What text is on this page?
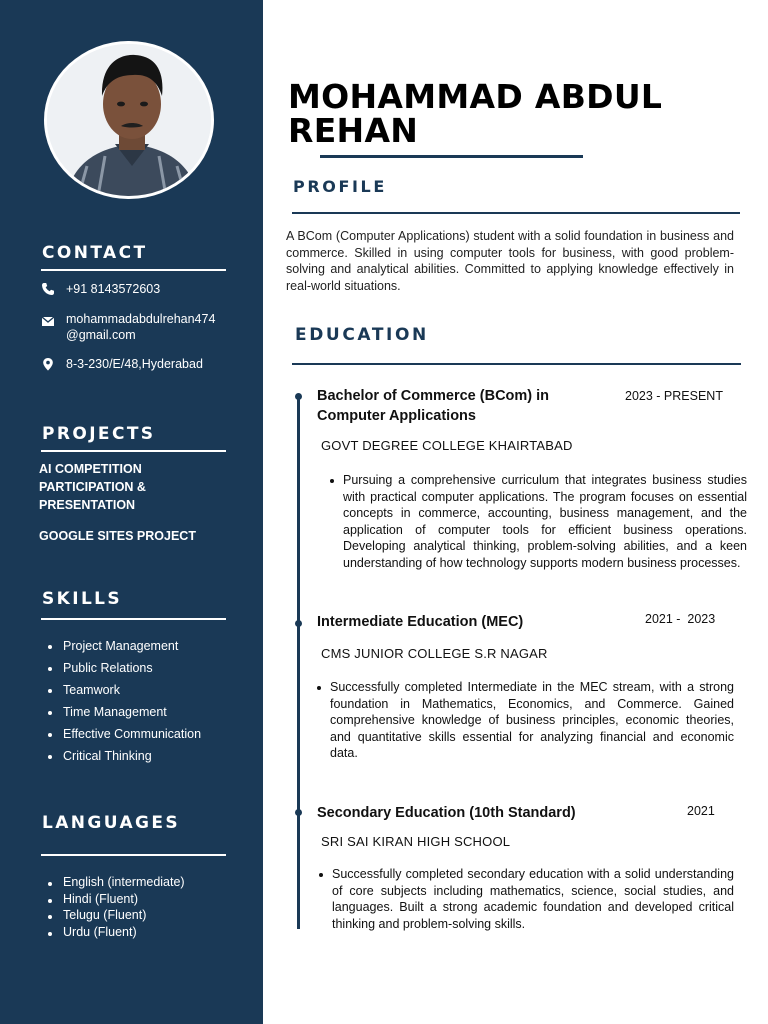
CONTACT
+91 8143572603
mohammadabdulrehan474
@gmail.com
8-3-230/E/48,Hyderabad
PROJECTS
AI COMPETITION
PARTICIPATION &
PRESENTATION
GOOGLE SITES PROJECT
SKILLS
Project Management
Public Relations
Teamwork
Time Management
Effective Communication
Critical Thinking
LANGUAGES
English (intermediate)
Hindi (Fluent)
Telugu (Fluent)
Urdu (Fluent)
MOHAMMAD ABDUL
REHAN
PROFILE
A BCom (Computer Applications) student with a solid foundation in business and commerce. Skilled in using computer tools for business, with good problem-solving and analytical abilities. Committed to applying knowledge effectively in real-world situations.
EDUCATION
Bachelor of Commerce (BCom) in
Computer Applications
2023 - PRESENT
GOVT DEGREE COLLEGE KHAIRTABAD
Pursuing a comprehensive curriculum that integrates business studies with practical computer applications. The program focuses on essential concepts in commerce, accounting, business management, and the application of computer tools for efficient business operations. Developing analytical thinking, problem-solving abilities, and a keen understanding of how technology supports modern business processes.
Intermediate Education (MEC)	2021 -  2023
CMS JUNIOR COLLEGE S.R NAGAR
Successfully completed Intermediate in the MEC stream, with a strong foundation in Mathematics, Economics, and Commerce. Gained comprehensive knowledge of business principles, economic theories, and quantitative skills essential for analyzing financial and economic data.
Secondary Education (10th Standard)	2021
SRI SAI KIRAN HIGH SCHOOL
Successfully completed secondary education with a solid understanding of core subjects including mathematics, science, social studies, and languages. Built a strong academic foundation and developed critical thinking and problem-solving skills.
